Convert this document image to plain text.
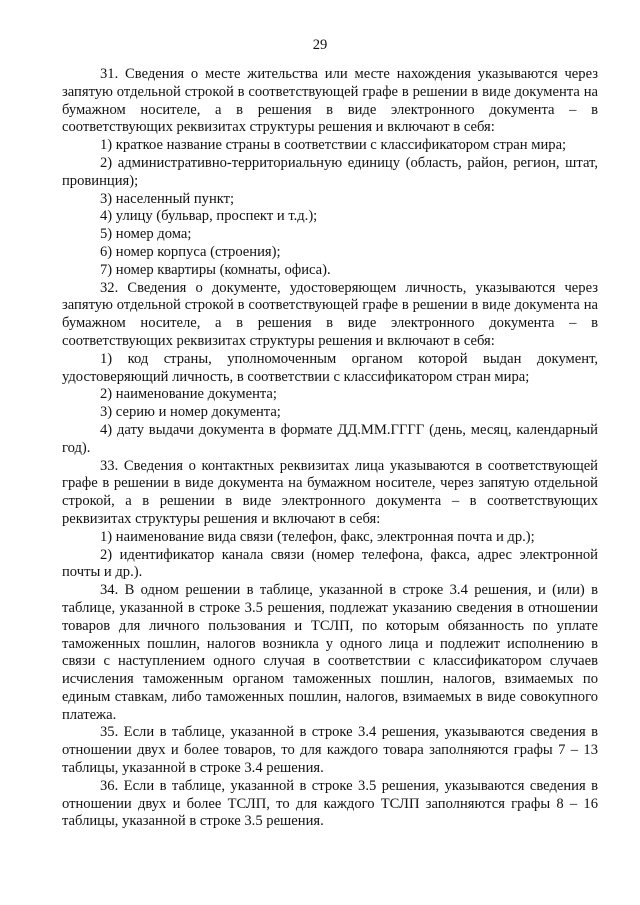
29

31. Сведения о месте жительства или месте нахождения указываются через запятую отдельной строкой в соответствующей графе в решении в виде документа на бумажном носителе, а в решения в виде электронного документа – в соответствующих реквизитах структуры решения и включают в себя:

1) краткое название страны в соответствии с классификатором стран мира;

2) административно-территориальную единицу (область, район, регион, штат, провинция);

3) населенный пункт;

4) улицу (бульвар, проспект и т.д.);

5) номер дома;

6) номер корпуса (строения);

7) номер квартиры (комнаты, офиса).

32. Сведения о документе, удостоверяющем личность, указываются через запятую отдельной строкой в соответствующей графе в решении в виде документа на бумажном носителе, а в решения в виде электронного документа – в соответствующих реквизитах структуры решения и включают в себя:

1) код страны, уполномоченным органом которой выдан документ, удостоверяющий личность, в соответствии с классификатором стран мира;

2) наименование документа;

3) серию и номер документа;

4) дату выдачи документа в формате ДД.ММ.ГГГГ (день, месяц, календарный год).

33. Сведения о контактных реквизитах лица указываются в соответствующей графе в решении в виде документа на бумажном носителе, через запятую отдельной строкой, а в решении в виде электронного документа – в соответствующих реквизитах структуры решения и включают в себя:

1) наименование вида связи (телефон, факс, электронная почта и др.);

2) идентификатор канала связи (номер телефона, факса, адрес электронной почты и др.).

34. В одном решении в таблице, указанной в строке 3.4 решения, и (или) в таблице, указанной в строке 3.5 решения, подлежат указанию сведения в отношении товаров для личного пользования и ТСЛП, по которым обязанность по уплате таможенных пошлин, налогов возникла у одного лица и подлежит исполнению в связи с наступлением одного случая в соответствии с классификатором случаев исчисления таможенным органом таможенных пошлин, налогов, взимаемых по единым ставкам, либо таможенных пошлин, налогов, взимаемых в виде совокупного платежа.

35. Если в таблице, указанной в строке 3.4 решения, указываются сведения в отношении двух и более товаров, то для каждого товара заполняются графы 7 – 13 таблицы, указанной в строке 3.4 решения.

36. Если в таблице, указанной в строке 3.5 решения, указываются сведения в отношении двух и более ТСЛП, то для каждого ТСЛП заполняются графы 8 – 16 таблицы, указанной в строке 3.5 решения.
